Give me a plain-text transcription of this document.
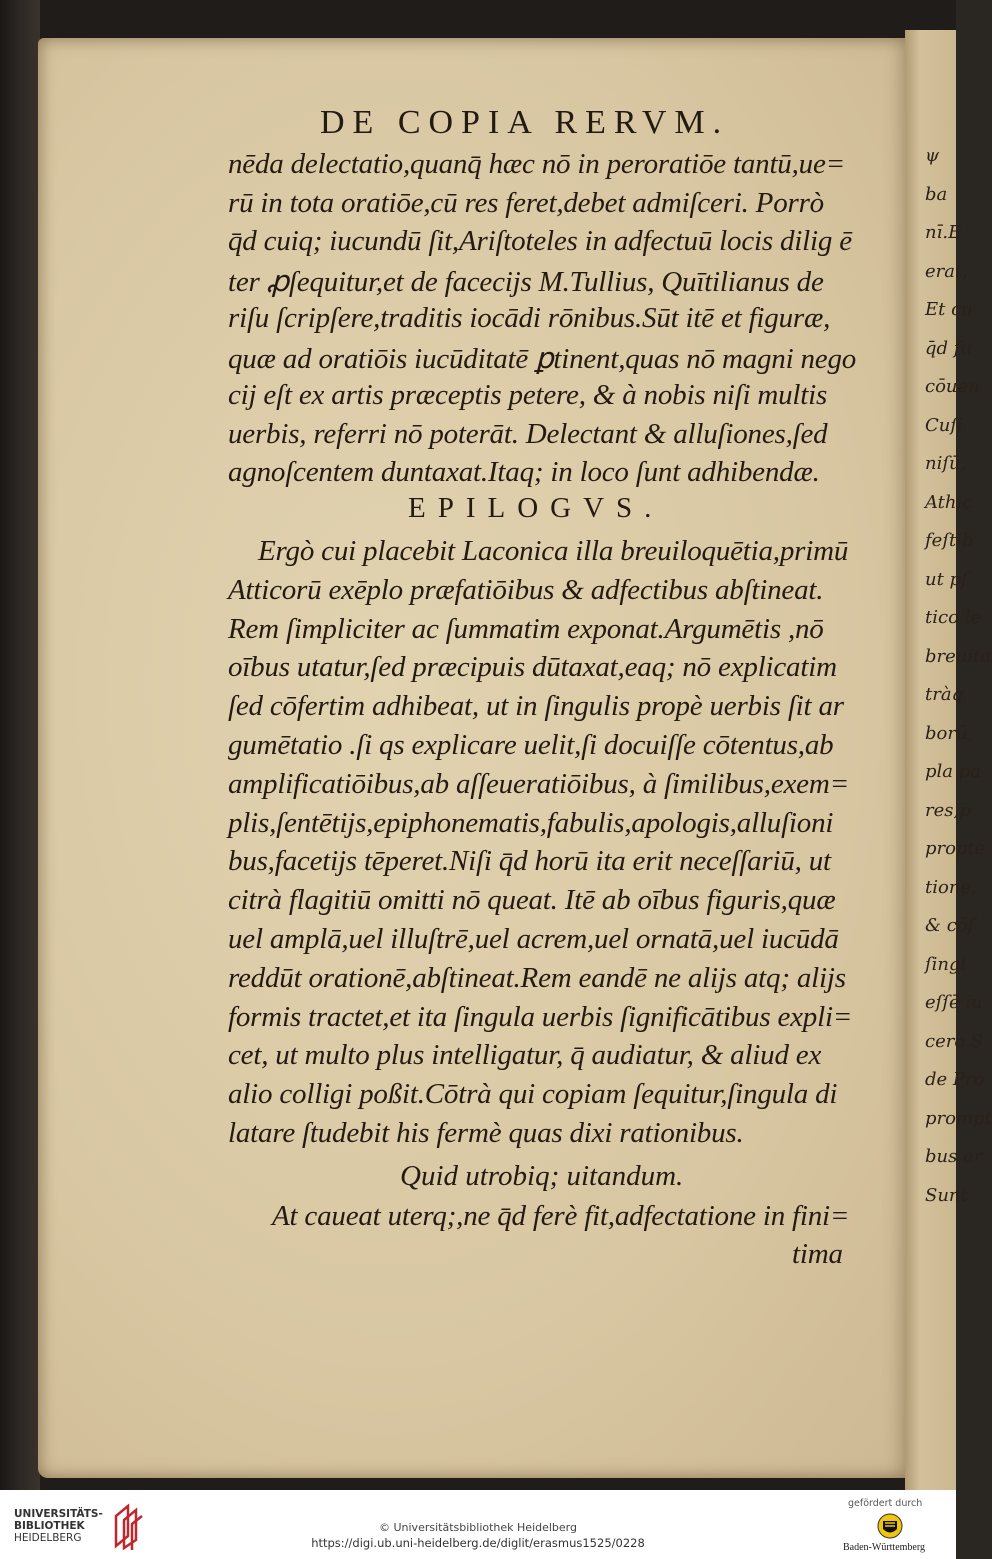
ψ
ba
nī.E
erat,
Et cu
q̄d ſu
cōuen
Cuſi
niſū,
Athic
feſtib
ut pſ
tico le
breuita
tràq
borū,
pla pa
res,p
propte
tione,
& cōſ
ſingl
eſſē iu
cero.S
de Pro
prompt
bus ar
Sunt
DE COPIA RERVM.
nēda delectatio,quanq̄ hæc nō in peroratiōe tantū,ue=
rū in tota oratiōe,cū res feret,debet admiſceri. Porrò
q̄d cuiq; iucundū ſit,Ariſtoteles in adfectuū locis dilig ē
ter ꝓſequitur,et de facecijs M.Tullius, Quītilianus de
riſu ſcripſere,traditis iocādi rōnibus.Sūt itē et figuræ,
quæ ad oratiōis iucūditatē ꝑtinent,quas nō magni nego
cij eſt ex artis præceptis petere, & à nobis niſi multis
uerbis, referri nō poterāt. Delectant & alluſiones,ſed
agnoſcentem duntaxat.Itaq; in loco ſunt adhibendæ.
EPILOGVS.
Ergò cui placebit Laconica illa breuiloquētia,primū
Atticorū exēplo præfatiōibus & adfectibus abſtineat.
Rem ſimpliciter ac ſummatim exponat.Argumētis ,nō
oībus utatur,ſed præcipuis dūtaxat,eaq; nō explicatim
ſed cōfertim adhibeat, ut in ſingulis propè uerbis ſit ar
gumētatio .ſi qs explicare uelit,ſi docuiſſe cōtentus,ab
amplificatiōibus,ab aſſeueratiōibus, à ſimilibus,exem=
plis,ſentētijs,epiphonematis,fabulis,apologis,alluſioni
bus,facetijs tēperet.Niſi q̄d horū ita erit neceſſariū, ut
citrà flagitiū omitti nō queat. Itē ab oībus figuris,quæ
uel amplā,uel illuſtrē,uel acrem,uel ornatā,uel iucūdā
reddūt orationē,abſtineat.Rem eandē ne alijs atq; alijs
formis tractet,et ita ſingula uerbis ſignificātibus expli=
cet, ut multo plus intelligatur, q̄ audiatur, & aliud ex
alio colligi poßit.Cōtrà qui copiam ſequitur,ſingula di
latare ſtudebit his fermè quas dixi rationibus.
Quid utrobiq; uitandum.
At caueat uterq;,ne q̄d ferè fit,adfectatione in fini=
tima
UNIVERSITÄTS-
BIBLIOTHEK
HEIDELBERG
© Universitätsbibliothek Heidelberg
https://digi.ub.uni-heidelberg.de/diglit/erasmus1525/0228
gefördert durch
Baden-Württemberg
